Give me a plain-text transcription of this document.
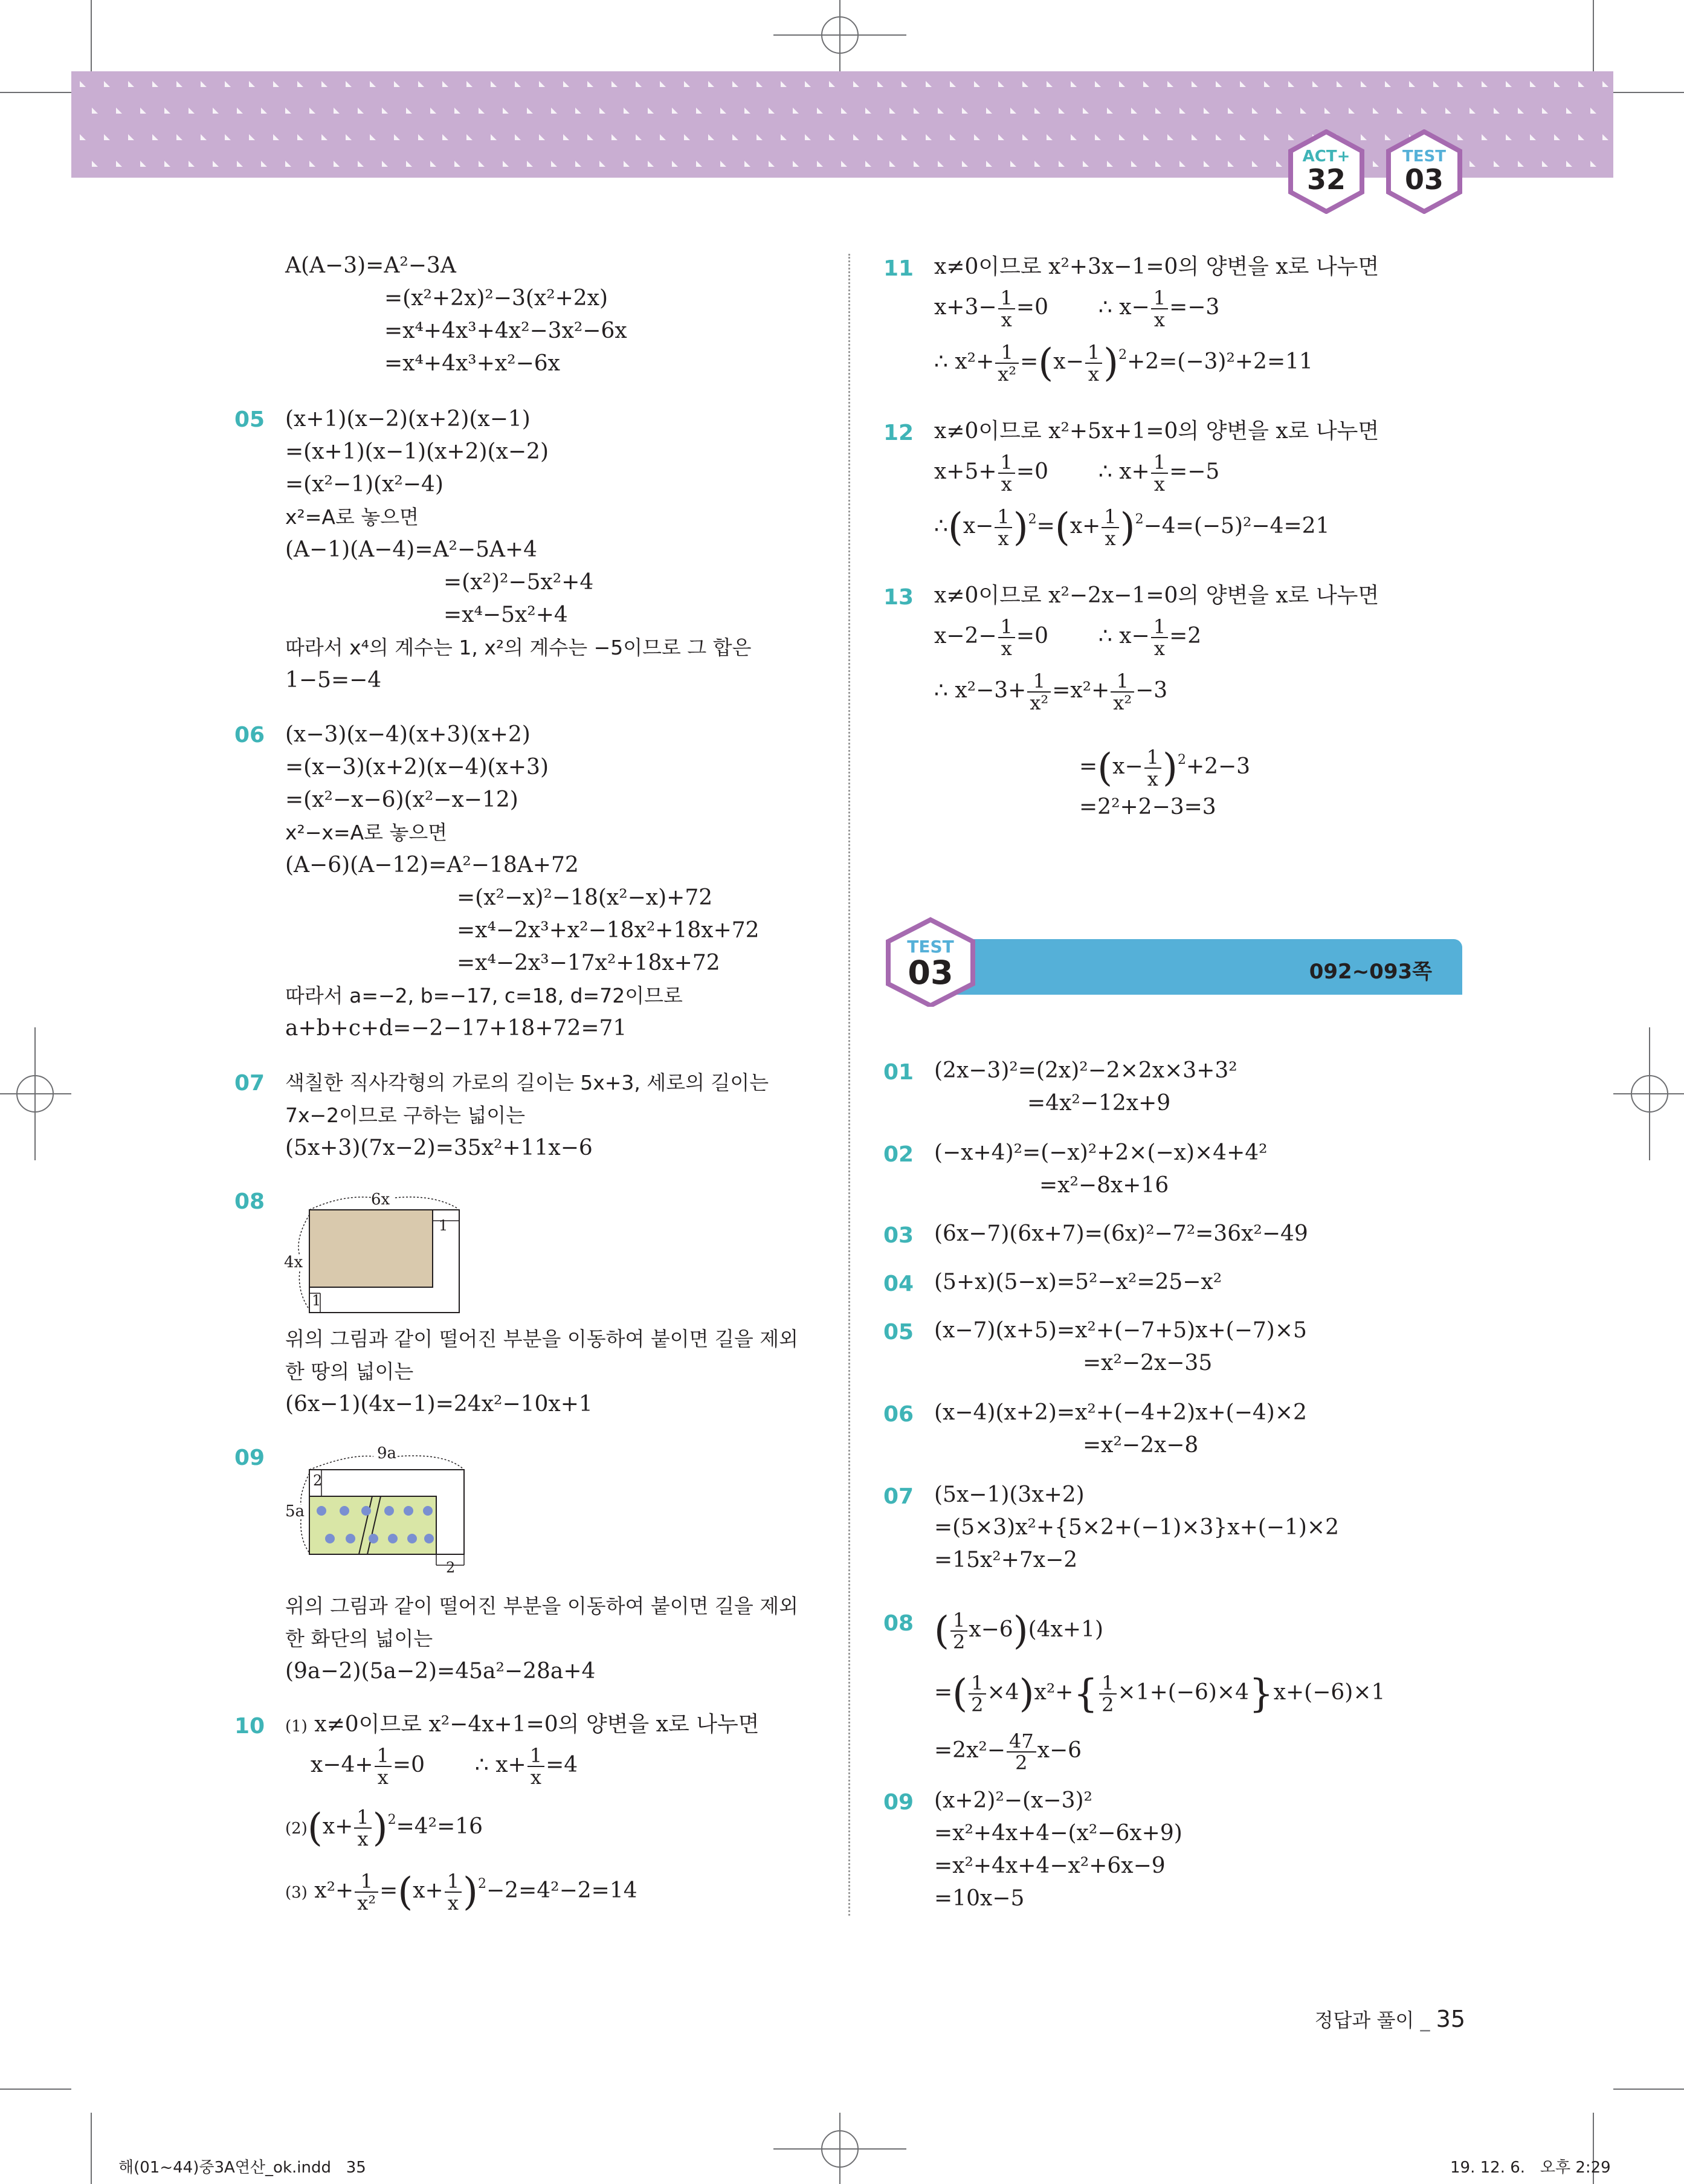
ACT+
32
TEST
03
A(A−3)=A²−3A
=(x²+2x)²−3(x²+2x)
=x⁴+4x³+4x²−3x²−6x
=x⁴+4x³+x²−6x
05 (x+1)(x−2)(x+2)(x−1)
=(x+1)(x−1)(x+2)(x−2)
=(x²−1)(x²−4)
x²=A로 놓으면
(A−1)(A−4)=A²−5A+4
=(x²)²−5x²+4
=x⁴−5x²+4
따라서 x⁴의 계수는 1, x²의 계수는 −5이므로 그 합은
1−5=−4
06 (x−3)(x−4)(x+3)(x+2)
=(x−3)(x+2)(x−4)(x+3)
=(x²−x−6)(x²−x−12)
x²−x=A로 놓으면
(A−6)(A−12)=A²−18A+72
=(x²−x)²−18(x²−x)+72
=x⁴−2x³+x²−18x²+18x+72
=x⁴−2x³−17x²+18x+72
따라서 a=−2, b=−17, c=18, d=72이므로
a+b+c+d=−2−17+18+72=71
07 색칠한 직사각형의 가로의 길이는 5x+3, 세로의 길이는
7x−2이므로 구하는 넓이는
(5x+3)(7x−2)=35x²+11x−6
08	6x
4x
1
1
위의 그림과 같이 떨어진 부분을 이동하여 붙이면 길을 제외
한 땅의 넓이는
(6x−1)(4x−1)=24x²−10x+1
09	9a
5a
2
2
위의 그림과 같이 떨어진 부분을 이동하여 붙이면 길을 제외
한 화단의 넓이는
(9a−2)(5a−2)=45a²−28a+4
10 (1) x≠0이므로 x²−4x+1=0의 양변을 x로 나누면
$x-4+ \frac{1}{x} =0$ ∴ $x+ \frac{1}{x} =4$
$(2)(x+ \frac{1}{x} )^2=4^2=16$
(3) $x^2+ \frac{1}{\text{x²}} =(x+ \frac{1}{x} )^2-2=4^2-2=14$
11 x≠0이므로 x²+3x−1=0의 양변을 x로 나누면
$x+3- \frac{1}{x} =0$ ∴ $x- \frac{1}{x} =-3$
∴ $x^2+ \frac{1}{\text{x²}} =(x- \frac{1}{x} )^2+2=(-3)^2+2=11$
12 x≠0이므로 x²+5x+1=0의 양변을 x로 나누면
$x+5+ \frac{1}{x} =0$ ∴ $x+ \frac{1}{x} =-5$
∴(x− $\frac{1}{x} )^2=(x+ \frac{1}{x} )^2-4=(-5)^2-4=21$
13 x≠0이므로 x²−2x−1=0의 양변을 x로 나누면
$x-2- \frac{1}{x} =0$ ∴ $x- \frac{1}{x} =2$
∴ $x^2-3+ \frac{1}{\text{x²}} =x^2+ \frac{1}{\text{x²}} -3$
$=(x- \frac{1}{x} )^2+2-3$
=2²+2−3=3
TEST
03	092~093쪽
01 (2x−3)²=(2x)²−2×2x×3+3²
=4x²−12x+9
02 (−x+4)²=(−x)²+2×(−x)×4+4²
=x²−8x+16
03 (6x−7)(6x+7)=(6x)²−7²=36x²−49
04 (5+x)(5−x)=5²−x²=25−x²
05 (x−7)(x+5)=x²+(−7+5)x+(−7)×5
=x²−2x−35
06 (x−4)(x+2)=x²+(−4+2)x+(−4)×2
=x²−2x−8
07 (5x−1)(3x+2)
=(5×3)x²+{5×2+(−1)×3}x+(−1)×2
=15x²+7x−2
08 ( $\frac{1}{2} x-6)(4x+1)$
=( $\frac{1}{2} \times 4)x^2+\{ \frac{1}{2} \times 1+(-6)\times 4\}x+(-6)\times 1$
$=2x^2- \frac{47}{2} x-6$
09 (x+2)²−(x−3)²
=x²+4x+4−(x²−6x+9)
=x²+4x+4−x²+6x−9
=10x−5
정답과 풀이 _ 35
해(01~44)중3A연산_ok.indd   35	19. 12. 6.   오후 2:29
